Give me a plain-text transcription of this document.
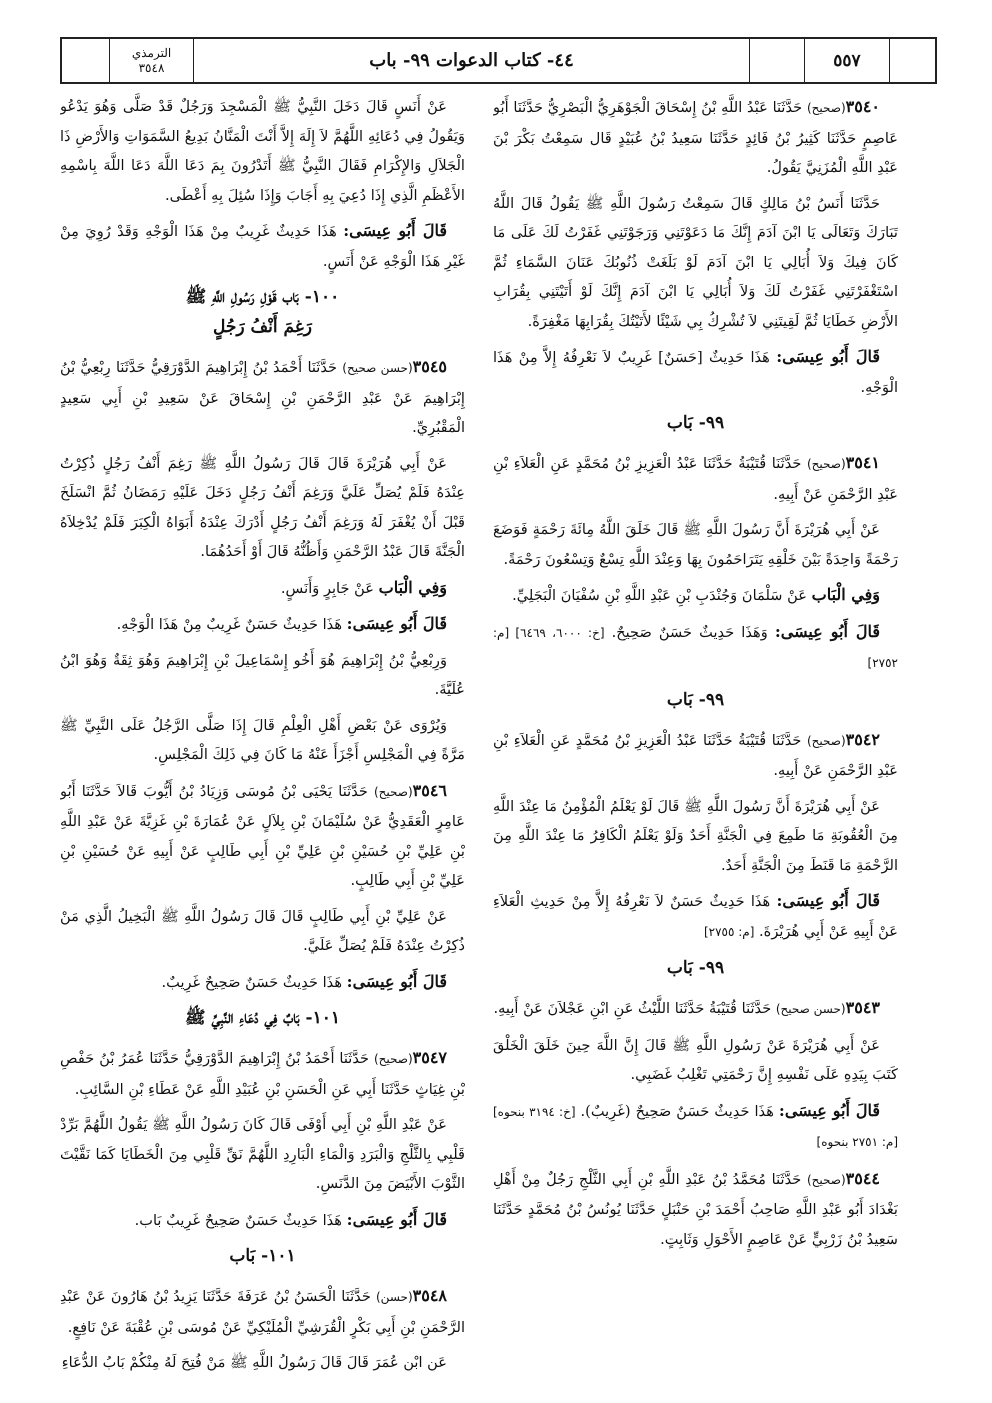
الترمذي
٣٥٤٨	٤٤- كتاب الدعوات ٩٩- باب	٥٥٧

٣٥٤٠(صحيح) حَدَّثَنَا عَبْدُ اللَّهِ بْنُ إِسْحَاقَ الْجَوْهَرِيُّ الْبَصْرِيُّ حَدَّثَنَا أَبُو عَاصِمٍ حَدَّثَنَا كَثِيرُ بْنُ فَائِدٍ حَدَّثَنَا سَعِيدُ بْنُ عُبَيْدٍ قَال سَمِعْتُ بَكْرَ بْنَ عَبْدِ اللَّهِ الْمُزَنِيَّ يَقُولُ.

حَدَّثَنَا أَنَسُ بْنُ مَالِكٍ قَالَ سَمِعْتُ رَسُولَ اللَّهِ ﷺ يَقُولُ قَالَ اللَّهُ تَبَارَكَ وَتَعَالَى يَا ابْنَ آدَمَ إِنَّكَ مَا دَعَوْتَنِي وَرَجَوْتَنِي غَفَرْتُ لَكَ عَلَى مَا كَانَ فِيكَ وَلاَ أُبَالِي يَا ابْنَ آدَمَ لَوْ بَلَغَتْ ذُنُوبُكَ عَنَانَ السَّمَاءِ ثُمَّ اسْتَغْفَرْتَنِي غَفَرْتُ لَكَ وَلاَ أُبَالِي يَا ابْنَ آدَمَ إِنَّكَ لَوْ أَتَيْتَنِي بِقُرَابِ الأَرْضِ خَطَايَا ثُمَّ لَقِيتَنِي لاَ تُشْرِكُ بِي شَيْئًا لأَتَيْتُكَ بِقُرَابِهَا مَغْفِرَةً.

قَالَ أَبُو عِيسَى: هَذَا حَدِيثٌ [حَسَنٌ] غَرِيبٌ لاَ نَعْرِفُهُ إِلاَّ مِنْ هَذَا الْوَجْهِ.

٩٩- بَاب

٣٥٤١(صحيح) حَدَّثَنَا قُتَيْبَةُ حَدَّثَنَا عَبْدُ الْعَزِيزِ بْنُ مُحَمَّدٍ عَنِ الْعَلاَءِ بْنِ عَبْدِ الرَّحْمَنِ عَنْ أَبِيهِ.

عَنْ أَبِي هُرَيْرَةَ أَنَّ رَسُولَ اللَّهِ ﷺ قَالَ خَلَقَ اللَّهُ مِائَةَ رَحْمَةٍ فَوَضَعَ رَحْمَةً وَاحِدَةً بَيْنَ خَلْقِهِ يَتَرَاحَمُونَ بِهَا وَعِنْدَ اللَّهِ تِسْعٌ وَتِسْعُونَ رَحْمَةً.

وَفِي الْبَاب عَنْ سَلْمَانَ وَجُنْدَبِ بْنِ عَبْدِ اللَّهِ بْنِ سُفْيَانَ الْبَجَلِيِّ.

قَالَ أَبُو عِيسَى: وَهَذَا حَدِيثٌ حَسَنٌ صَحِيحٌ. [خ: ٦٠٠٠، ٦٤٦٩] [م: ٢٧٥٢]

٩٩- بَاب

٣٥٤٢(صحيح) حَدَّثَنَا قُتَيْبَةُ حَدَّثَنَا عَبْدُ الْعَزِيزِ بْنُ مُحَمَّدٍ عَنِ الْعَلاَءِ بْنِ عَبْدِ الرَّحْمَنِ عَنْ أَبِيهِ.

عَنْ أَبِي هُرَيْرَةَ أَنَّ رَسُولَ اللَّهِ ﷺ قَالَ لَوْ يَعْلَمُ الْمُؤْمِنُ مَا عِنْدَ اللَّهِ مِنَ الْعُقُوبَةِ مَا طَمِعَ فِي الْجَنَّةِ أَحَدٌ وَلَوْ يَعْلَمُ الْكَافِرُ مَا عِنْدَ اللَّهِ مِنَ الرَّحْمَةِ مَا قَنَطَ مِنَ الْجَنَّةِ أَحَدٌ.

قَالَ أَبُو عِيسَى: هَذَا حَدِيثٌ حَسَنٌ لاَ نَعْرِفُهُ إِلاَّ مِنْ حَدِيثِ الْعَلاَءِ عَنْ أَبِيهِ عَنْ أَبِي هُرَيْرَةَ. [م: ٢٧٥٥]

٩٩- بَاب

٣٥٤٣(حسن صحيح) حَدَّثَنَا قُتَيْبَةُ حَدَّثَنَا اللَّيْثُ عَنِ ابْنِ عَجْلاَنَ عَنْ أَبِيهِ.

عَنْ أَبِي هُرَيْرَةَ عَنْ رَسُولِ اللَّهِ ﷺ قَالَ إِنَّ اللَّهَ حِينَ خَلَقَ الْخَلْقَ كَتَبَ بِيَدِهِ عَلَى نَفْسِهِ إِنَّ رَحْمَتِي تَغْلِبُ غَضَبِي.

قَالَ أَبُو عِيسَى: هَذَا حَدِيثٌ حَسَنٌ صَحِيحٌ (غَرِيبٌ). [خ: ٣١٩٤ بنحوه] [م: ٢٧٥١ بنحوه]

٣٥٤٤(صحيح) حَدَّثَنَا مُحَمَّدُ بْنُ عَبْدِ اللَّهِ بْنِ أَبِي الثَّلْجِ رَجُلٌ مِنْ أَهْلِ بَغْدَادَ أَبُو عَبْدِ اللَّهِ صَاحِبُ أَحْمَدَ بْنِ حَنْبَلٍ حَدَّثَنَا يُونُسُ بْنُ مُحَمَّدٍ حَدَّثَنَا سَعِيدُ بْنُ زَرْبِيٍّ عَنْ عَاصِمٍ الأَحْوَلِ وَثَابِتٍ.

عَنْ أَنَسٍ قَالَ دَخَلَ النَّبِيُّ ﷺ الْمَسْجِدَ وَرَجُلٌ قَدْ صَلَّى وَهُوَ يَدْعُو وَيَقُولُ فِي دُعَائِهِ اللَّهُمَّ لاَ إِلَهَ إِلاَّ أَنْتَ الْمَنَّانُ بَدِيعُ السَّمَوَاتِ وَالأَرْضِ ذَا الْجَلاَلِ وَالإِكْرَامِ فَقَالَ النَّبِيُّ ﷺ أَتَدْرُونَ بِمَ دَعَا اللَّهَ دَعَا اللَّهَ بِاسْمِهِ الأَعْظَمِ الَّذِي إِذَا دُعِيَ بِهِ أَجَابَ وَإِذَا سُئِلَ بِهِ أَعْطَى.

قَالَ أَبُو عِيسَى: هَذَا حَدِيثٌ غَرِيبٌ مِنْ هَذَا الْوَجْهِ وَقَدْ رُوِيَ مِنْ غَيْرِ هَذَا الْوَجْهِ عَنْ أَنَسٍ.

١٠٠- بَاب قَوْلِ رَسُولِ اللَّهِ ﷺ
رَغِمَ أَنْفُ رَجُلٍ

٣٥٤٥(حسن صحيح) حَدَّثَنَا أَحْمَدُ بْنُ إِبْرَاهِيمَ الدَّوْرَقِيُّ حَدَّثَنَا رِبْعِيُّ بْنُ إِبْرَاهِيمَ عَنْ عَبْدِ الرَّحْمَنِ بْنِ إِسْحَاقَ عَنْ سَعِيدِ بْنِ أَبِي سَعِيدٍ الْمَقْبُرِيِّ.

عَنْ أَبِي هُرَيْرَةَ قَالَ قَالَ رَسُولُ اللَّهِ ﷺ رَغِمَ أَنْفُ رَجُلٍ ذُكِرْتُ عِنْدَهُ فَلَمْ يُصَلِّ عَلَيَّ وَرَغِمَ أَنْفُ رَجُلٍ دَخَلَ عَلَيْهِ رَمَضَانُ ثُمَّ انْسَلَخَ قَبْلَ أَنْ يُغْفَرَ لَهُ وَرَغِمَ أَنْفُ رَجُلٍ أَدْرَكَ عِنْدَهُ أَبَوَاهُ الْكِبَرَ فَلَمْ يُدْخِلاَهُ الْجَنَّةَ قَالَ عَبْدُ الرَّحْمَنِ وَأَظُنُّهُ قَالَ أَوْ أَحَدُهُمَا.

وَفِي الْبَاب عَنْ جَابِرٍ وَأَنَسٍ.

قَالَ أَبُو عِيسَى: هَذَا حَدِيثٌ حَسَنٌ غَرِيبٌ مِنْ هَذَا الْوَجْهِ.

وَرِبْعِيُّ بْنُ إِبْرَاهِيمَ هُوَ أَخُو إِسْمَاعِيلَ بْنِ إِبْرَاهِيمَ وَهُوَ ثِقَةٌ وَهُوَ ابْنُ عُلَيَّةَ.

وَيُرْوَى عَنْ بَعْضِ أَهْلِ الْعِلْمِ قَالَ إِذَا صَلَّى الرَّجُلُ عَلَى النَّبِيِّ ﷺ مَرَّةً فِي الْمَجْلِسِ أَجْزَأَ عَنْهُ مَا كَانَ فِي ذَلِكَ الْمَجْلِسِ.

٣٥٤٦(صحيح) حَدَّثَنَا يَحْيَى بْنُ مُوسَى وَزِيَادُ بْنُ أَيُّوبَ قَالاَ حَدَّثَنَا أَبُو عَامِرٍ الْعَقَدِيُّ عَنْ سُلَيْمَانَ بْنِ بِلاَلٍ عَنْ عُمَارَةَ بْنِ غَزِيَّةَ عَنْ عَبْدِ اللَّهِ بْنِ عَلِيِّ بْنِ حُسَيْنِ بْنِ عَلِيِّ بْنِ أَبِي طَالِبٍ عَنْ أَبِيهِ عَنْ حُسَيْنِ بْنِ عَلِيِّ بْنِ أَبِي طَالِبٍ.

عَنْ عَلِيِّ بْنِ أَبِي طَالِبٍ قَالَ قَالَ رَسُولُ اللَّهِ ﷺ الْبَخِيلُ الَّذِي مَنْ ذُكِرْتُ عِنْدَهُ فَلَمْ يُصَلِّ عَلَيَّ.

قَالَ أَبُو عِيسَى: هَذَا حَدِيثٌ حَسَنٌ صَحِيحٌ غَرِيبٌ.

١٠١- بَابٌ فِي دُعَاءِ النَّبِيِّ ﷺ

٣٥٤٧(صحيح) حَدَّثَنَا أَحْمَدُ بْنُ إِبْرَاهِيمَ الدَّوْرَقِيُّ حَدَّثَنَا عُمَرُ بْنُ حَفْصِ بْنِ غِيَاثٍ حَدَّثَنَا أَبِي عَنِ الْحَسَنِ بْنِ عُبَيْدِ اللَّهِ عَنْ عَطَاءِ بْنِ السَّائِبِ.

عَنْ عَبْدِ اللَّهِ بْنِ أَبِي أَوْفَى قَالَ كَانَ رَسُولُ اللَّهِ ﷺ يَقُولُ اللَّهُمَّ بَرِّدْ قَلْبِي بِالثَّلْجِ وَالْبَرَدِ وَالْمَاءِ الْبَارِدِ اللَّهُمَّ نَقِّ قَلْبِي مِنَ الْخَطَايَا كَمَا نَقَّيْتَ الثَّوْبَ الأَبْيَضَ مِنَ الدَّنَسِ.

قَالَ أَبُو عِيسَى: هَذَا حَدِيثٌ حَسَنٌ صَحِيحٌ غَرِيبٌ بَاب.

١٠١- بَاب

٣٥٤٨(حسن) حَدَّثَنَا الْحَسَنُ بْنُ عَرَفَةَ حَدَّثَنَا يَزِيدُ بْنُ هَارُونَ عَنْ عَبْدِ الرَّحْمَنِ بْنِ أَبِي بَكْرٍ الْقُرَشِيِّ الْمُلَيْكِيِّ عَنْ مُوسَى بْنِ عُقْبَةَ عَنْ نَافِعٍ.

عَنِ ابْنِ عُمَرَ قَالَ قَالَ رَسُولُ اللَّهِ ﷺ مَنْ فُتِحَ لَهُ مِنْكُمْ بَابُ الدُّعَاءِ
